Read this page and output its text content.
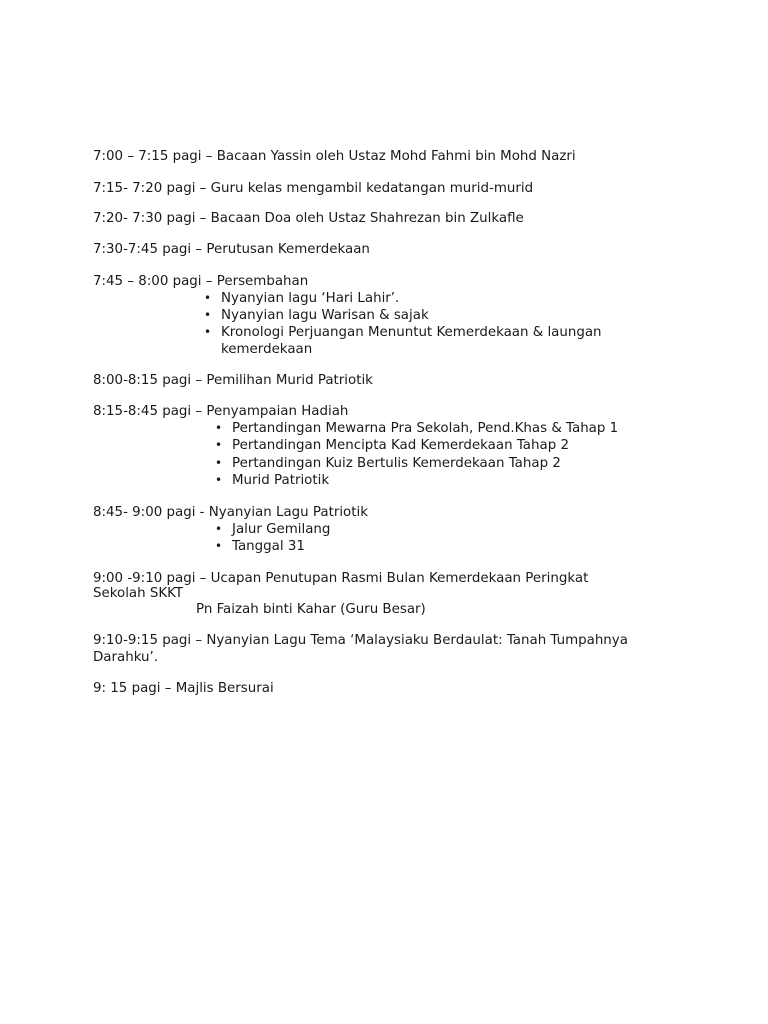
7:00 – 7:15 pagi – Bacaan Yassin oleh Ustaz Mohd Fahmi bin Mohd Nazri
7:15- 7:20 pagi – Guru kelas mengambil kedatangan murid-murid
7:20- 7:30 pagi – Bacaan Doa oleh Ustaz Shahrezan bin Zulkafle
7:30-7:45 pagi – Perutusan Kemerdekaan
7:45 – 8:00 pagi – Persembahan
• Nyanyian lagu ‘Hari Lahir’.
• Nyanyian lagu Warisan & sajak
• Kronologi Perjuangan Menuntut Kemerdekaan & laungan
kemerdekaan
8:00-8:15 pagi – Pemilihan Murid Patriotik
8:15-8:45 pagi – Penyampaian Hadiah
• Pertandingan Mewarna Pra Sekolah, Pend.Khas & Tahap 1
• Pertandingan Mencipta Kad Kemerdekaan Tahap 2
• Pertandingan Kuiz Bertulis Kemerdekaan Tahap 2
• Murid Patriotik
8:45- 9:00 pagi - Nyanyian Lagu Patriotik
• Jalur Gemilang
• Tanggal 31
9:00 -9:10 pagi – Ucapan Penutupan Rasmi Bulan Kemerdekaan Peringkat
Sekolah SKKT
Pn Faizah binti Kahar (Guru Besar)
9:10-9:15 pagi – Nyanyian Lagu Tema ‘Malaysiaku Berdaulat: Tanah Tumpahnya
Darahku’.
9: 15 pagi – Majlis Bersurai
